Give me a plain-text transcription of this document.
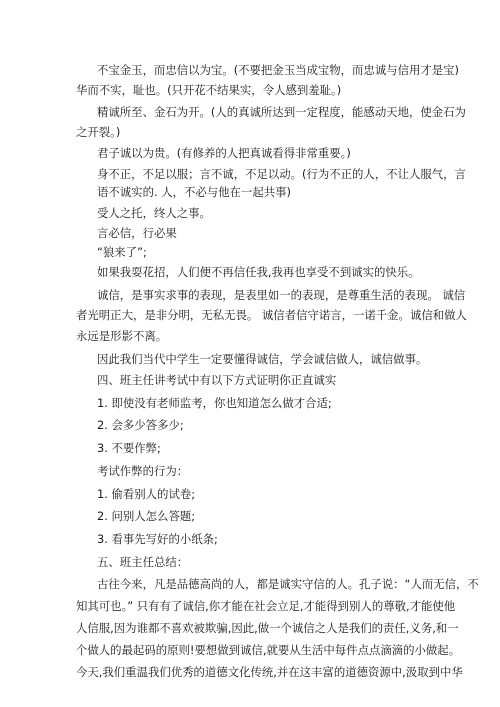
不宝金玉，而忠信以为宝。(不要把金玉当成宝物，而忠诚与信用才是宝)

华而不实，耻也。(只开花不结果实，令人感到羞耻。)

精诚所至、金石为开。(人的真诚所达到一定程度，能感动天地，使金石为

之开裂。)

君子诚以为贵。(有修养的人把真诚看得非常重要。)

身不正，不足以服；言不诚，不足以动。(行为不正的人，不让人服气，言

语不诚实的. 人，不必与他在一起共事)

受人之托，终人之事。

言必信，行必果

“狼来了”;

如果我耍花招，人们便不再信任我,我再也享受不到诚实的快乐。

诚信，是事实求事的表现，是表里如一的表现，是尊重生活的表现。 诚信

者光明正大，是非分明，无私无畏。 诚信者信守诺言，一诺千金。诚信和做人

永远是形影不离。

因此我们当代中学生一定要懂得诚信，学会诚信做人，诚信做事。

四、班主任讲考试中有以下方式证明你正直诚实

1. 即使没有老师监考，你也知道怎么做才合适;

2. 会多少答多少;

3. 不要作弊;

考试作弊的行为：

1. 偷看别人的试卷;

2. 问别人怎么答题;

3. 看事先写好的小纸条;

五、班主任总结：

古往今来，凡是品德高尚的人，都是诚实守信的人。孔子说：“人而无信，不

知其可也。” 只有有了诚信,你才能在社会立足,才能得到别人的尊敬,才能使他

人信服,因为谁都不喜欢被欺骗,因此,做一个诚信之人是我们的责任,义务,和一

个做人的最起码的原则!要想做到诚信,就要从生活中每件点点滴滴的小做起。

今天,我们重温我们优秀的道德文化传统,并在这丰富的道德资源中,汲取到中华
